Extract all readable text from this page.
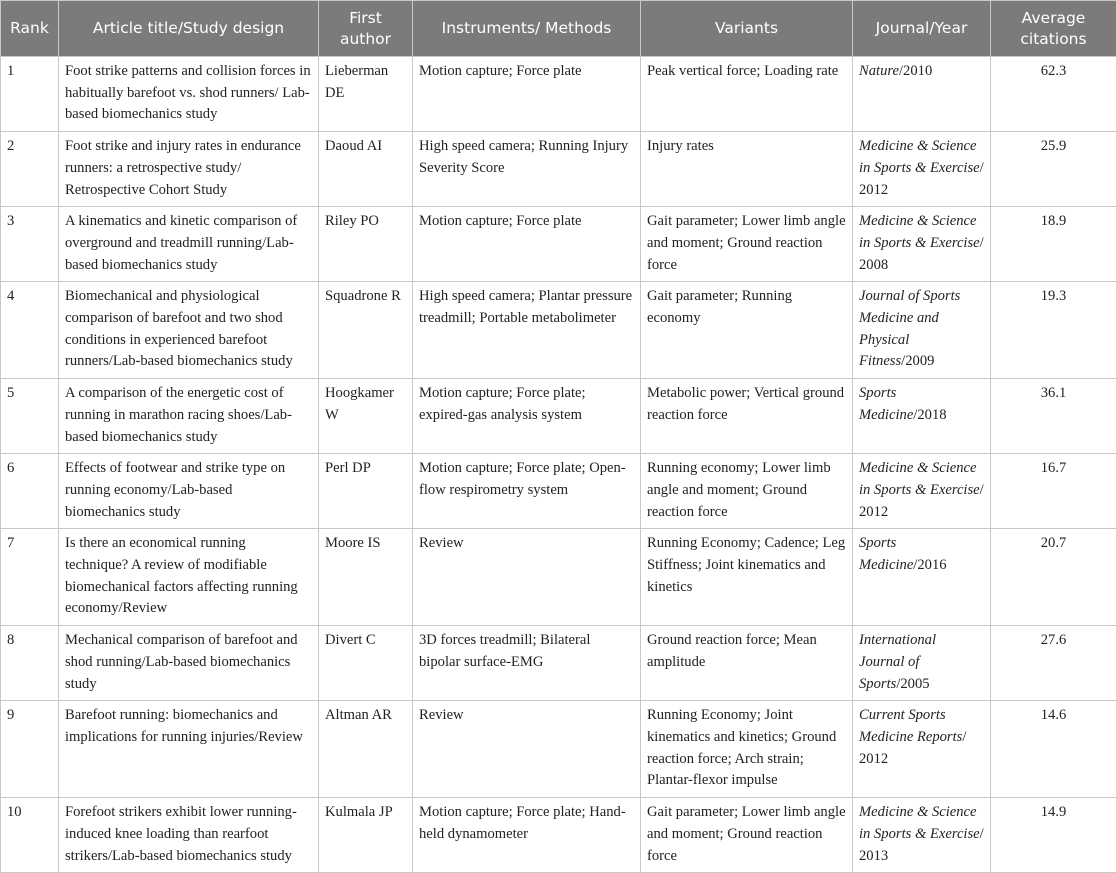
Rank	Article title/Study design	First author	Instruments/ Methods	Variants	Journal/Year	Average citations
1	Foot strike patterns and collision forces in habitually barefoot vs. shod runners/ Lab-based biomechanics study	Lieberman DE	Motion capture; Force plate	Peak vertical force; Loading rate	Nature/2010	62.3
2	Foot strike and injury rates in endurance runners: a retrospective study/ Retrospective Cohort Study	Daoud AI	High speed camera; Running Injury Severity Score	Injury rates	Medicine & Science in Sports & Exercise/ 2012	25.9
3	A kinematics and kinetic comparison of overground and treadmill running/Lab-based biomechanics study	Riley PO	Motion capture; Force plate	Gait parameter; Lower limb angle and moment; Ground reaction force	Medicine & Science in Sports & Exercise/ 2008	18.9
4	Biomechanical and physiological comparison of barefoot and two shod conditions in experienced barefoot runners/Lab-based biomechanics study	Squadrone R	High speed camera; Plantar pressure treadmill; Portable metabolimeter	Gait parameter; Running economy	Journal of Sports Medicine and Physical Fitness/2009	19.3
5	A comparison of the energetic cost of running in marathon racing shoes/Lab-based biomechanics study	Hoogkamer W	Motion capture; Force plate; expired-gas analysis system	Metabolic power; Vertical ground reaction force	Sports Medicine/2018	36.1
6	Effects of footwear and strike type on running economy/Lab-based biomechanics study	Perl DP	Motion capture; Force plate; Open-flow respirometry system	Running economy; Lower limb angle and moment; Ground reaction force	Medicine & Science in Sports & Exercise/ 2012	16.7
7	Is there an economical running technique? A review of modifiable biomechanical factors affecting running economy/Review	Moore IS	Review	Running Economy; Cadence; Leg Stiffness; Joint kinematics and kinetics	Sports Medicine/2016	20.7
8	Mechanical comparison of barefoot and shod running/Lab-based biomechanics study	Divert C	3D forces treadmill; Bilateral bipolar surface-EMG	Ground reaction force; Mean amplitude	International Journal of Sports/2005	27.6
9	Barefoot running: biomechanics and implications for running injuries/Review	Altman AR	Review	Running Economy; Joint kinematics and kinetics; Ground reaction force; Arch strain; Plantar-flexor impulse	Current Sports Medicine Reports/ 2012	14.6
10	Forefoot strikers exhibit lower running-induced knee loading than rearfoot strikers/Lab-based biomechanics study	Kulmala JP	Motion capture; Force plate; Hand-held dynamometer	Gait parameter; Lower limb angle and moment; Ground reaction force	Medicine & Science in Sports & Exercise/ 2013	14.9
